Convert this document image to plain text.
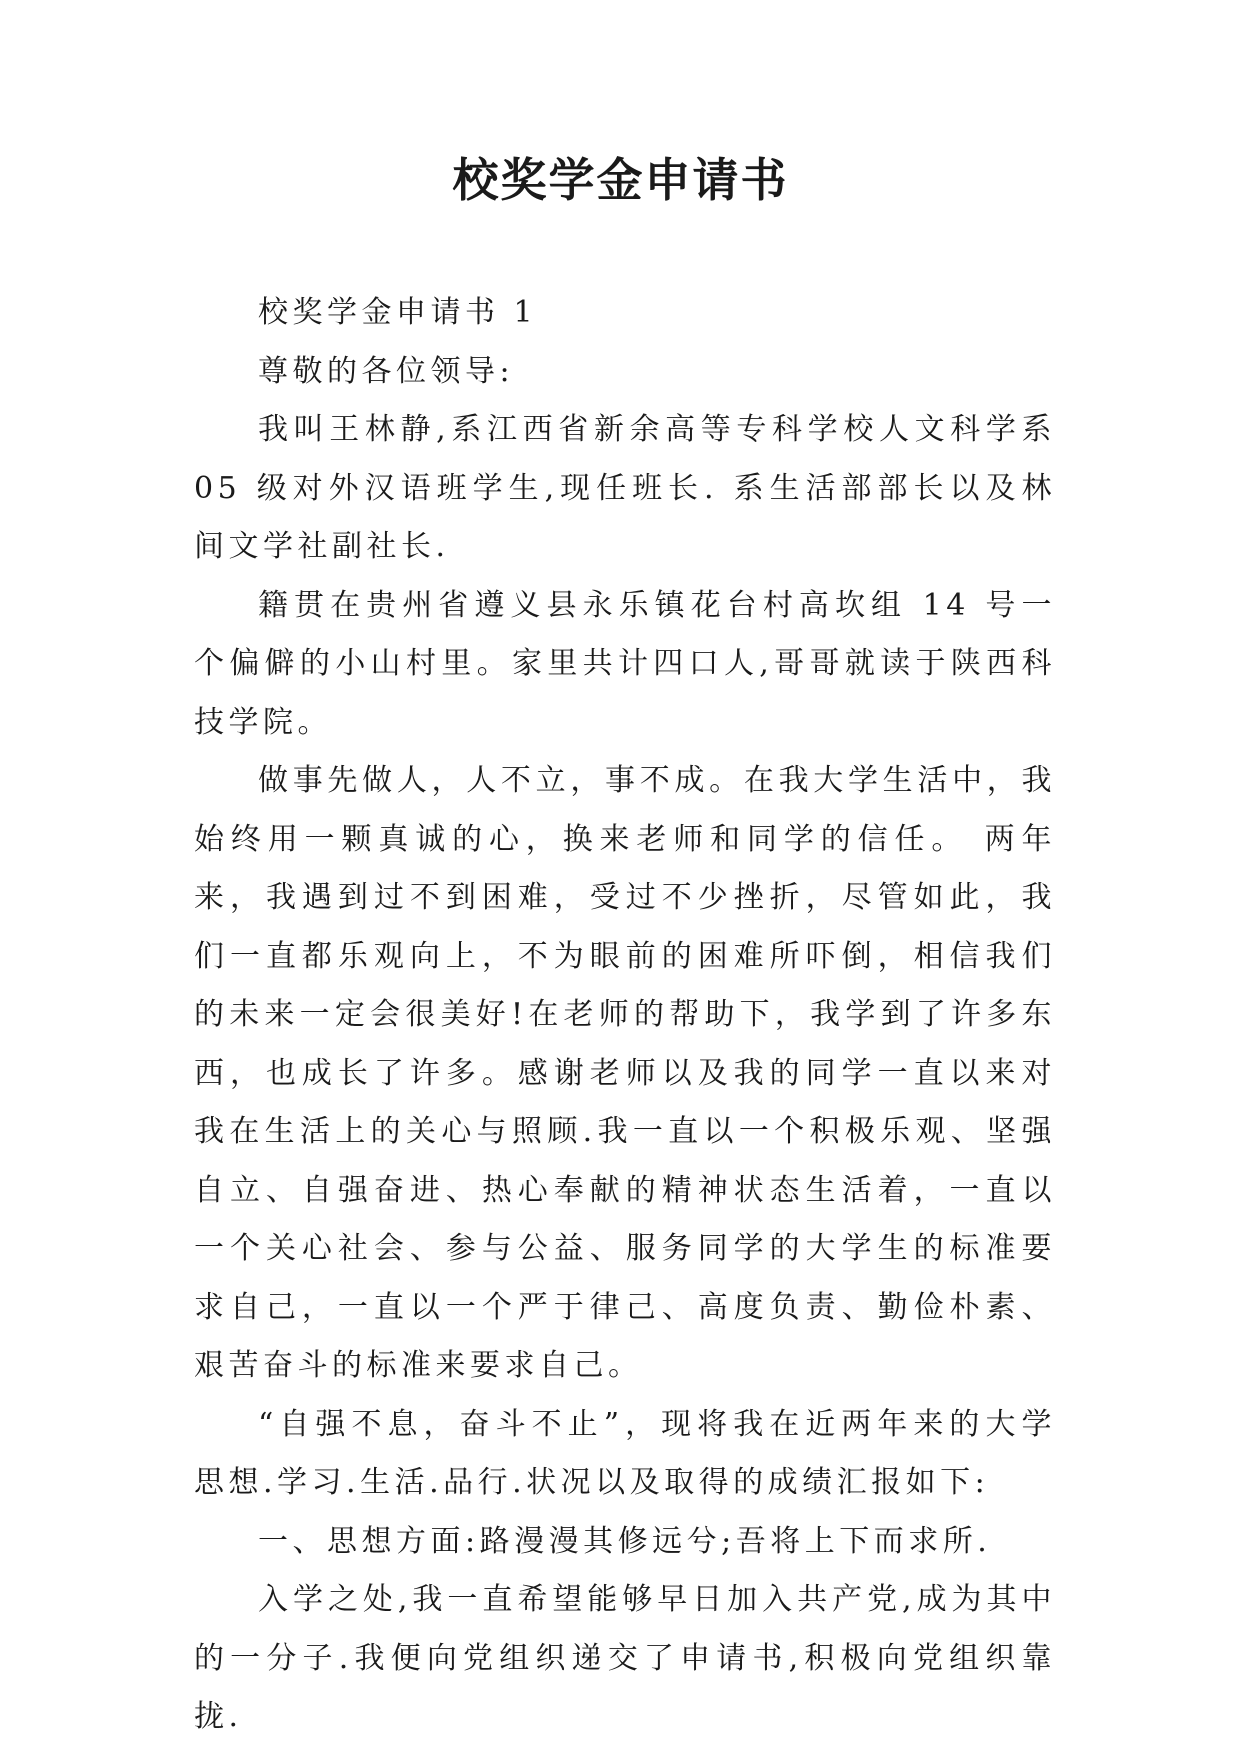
校奖学金申请书

校奖学金申请书 1

尊敬的各位领导:

我叫王林静,系江西省新余高等专科学校人文科学系 05 级对外汉语班学生,现任班长. 系生活部部长以及林间文学社副社长.

籍贯在贵州省遵义县永乐镇花台村高坎组 14 号一个偏僻的小山村里。家里共计四口人,哥哥就读于陕西科技学院。

做事先做人，人不立，事不成。在我大学生活中，我始终用一颗真诚的心，换来老师和同学的信任。 两年来，我遇到过不到困难，受过不少挫折，尽管如此，我们一直都乐观向上，不为眼前的困难所吓倒，相信我们的未来一定会很美好!在老师的帮助下，我学到了许多东西，也成长了许多。感谢老师以及我的同学一直以来对我在生活上的关心与照顾.我一直以一个积极乐观、坚强自立、自强奋进、热心奉献的精神状态生活着，一直以一个关心社会、参与公益、服务同学的大学生的标准要求自己，一直以一个严于律己、高度负责、勤俭朴素、艰苦奋斗的标准来要求自己。

“自强不息，奋斗不止”，现将我在近两年来的大学思想.学习.生活.品行.状况以及取得的成绩汇报如下:

一、思想方面:路漫漫其修远兮;吾将上下而求所.

入学之处,我一直希望能够早日加入共产党,成为其中的一分子.我便向党组织递交了申请书,积极向党组织靠拢.
